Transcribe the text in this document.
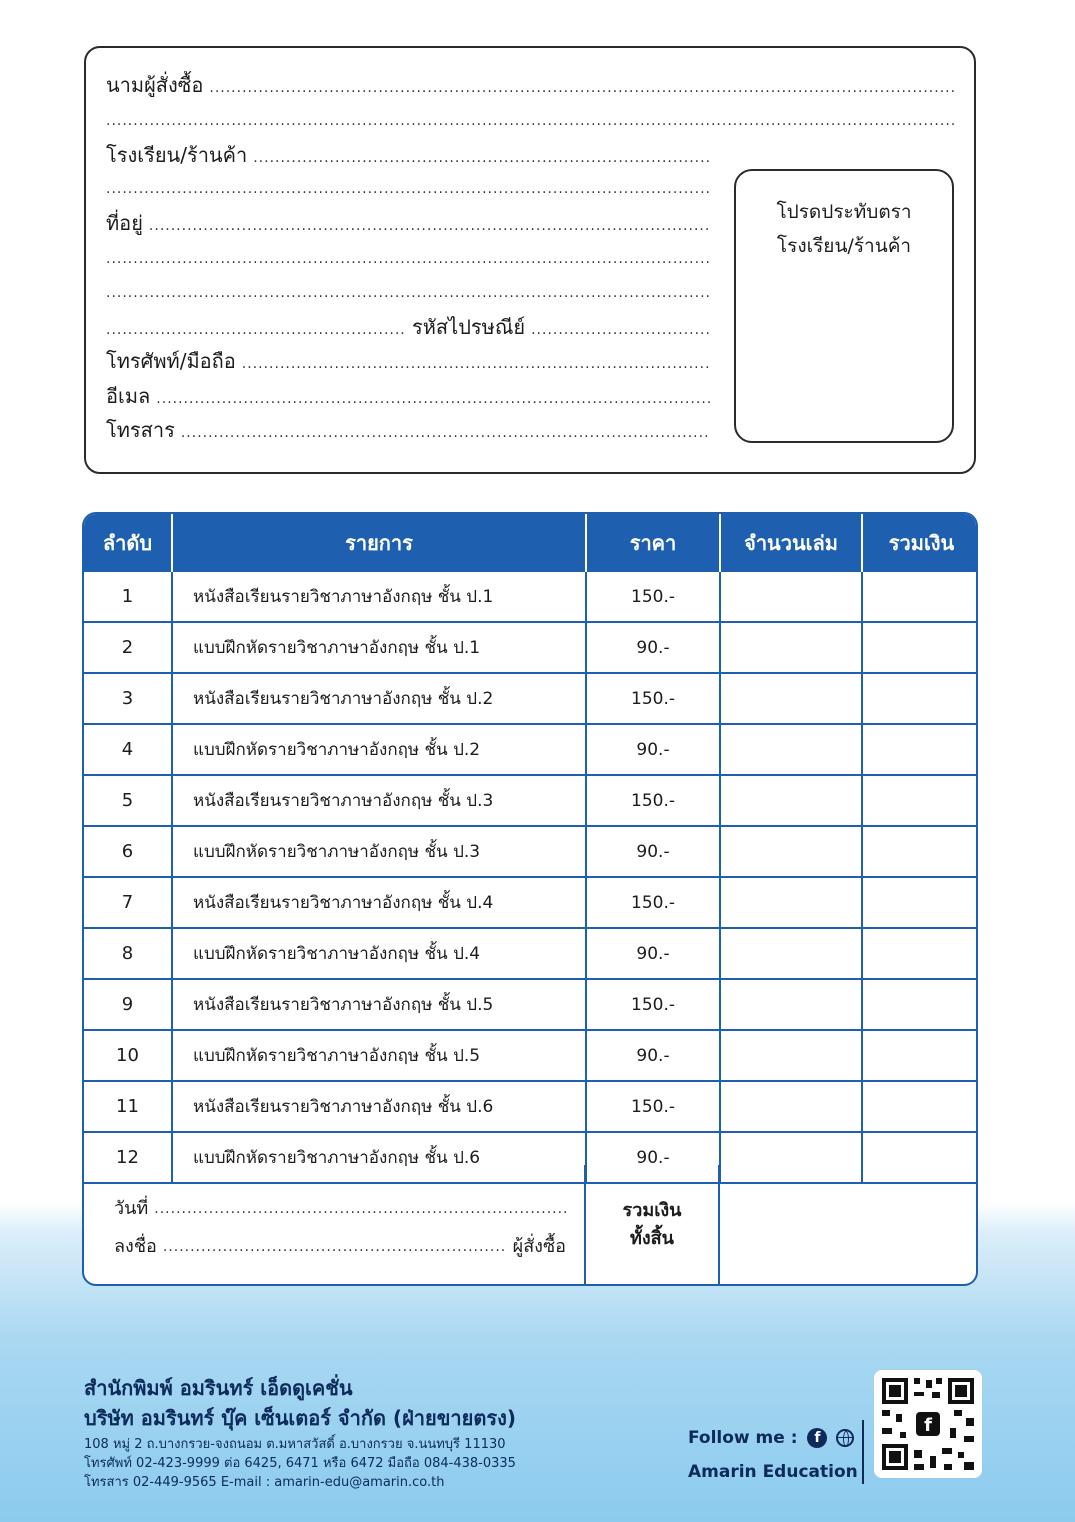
นามผู้สั่งซื้อ
.....
.....
โรงเรียน/ร้านค้า
.....
.....
ที่อยู่
.....
.....
.....
.....
รหัสไปรษณีย์
.....
โทรศัพท์/มือถือ
.....
อีเมล
.....
โทรสาร
.....
โปรดประทับตรา
โรงเรียน/ร้านค้า
ลำดับ	รายการ	ราคา	จำนวนเล่ม	รวมเงิน
1	หนังสือเรียนรายวิชาภาษาอังกฤษ ชั้น ป.1	150.-		
2	แบบฝึกหัดรายวิชาภาษาอังกฤษ ชั้น ป.1	90.-		
3	หนังสือเรียนรายวิชาภาษาอังกฤษ ชั้น ป.2	150.-		
4	แบบฝึกหัดรายวิชาภาษาอังกฤษ ชั้น ป.2	90.-		
5	หนังสือเรียนรายวิชาภาษาอังกฤษ ชั้น ป.3	150.-		
6	แบบฝึกหัดรายวิชาภาษาอังกฤษ ชั้น ป.3	90.-		
7	หนังสือเรียนรายวิชาภาษาอังกฤษ ชั้น ป.4	150.-		
8	แบบฝึกหัดรายวิชาภาษาอังกฤษ ชั้น ป.4	90.-		
9	หนังสือเรียนรายวิชาภาษาอังกฤษ ชั้น ป.5	150.-		
10	แบบฝึกหัดรายวิชาภาษาอังกฤษ ชั้น ป.5	90.-		
11	หนังสือเรียนรายวิชาภาษาอังกฤษ ชั้น ป.6	150.-		
12	แบบฝึกหัดรายวิชาภาษาอังกฤษ ชั้น ป.6	90.-		
วันที่
.....
ลงชื่อ .....	ผู้สั่งซื้อ
รวมเงิน
ทั้งสิ้น
สำนักพิมพ์ อมรินทร์ เอ็ดดูเคชั่น
บริษัท อมรินทร์ บุ๊ค เซ็นเตอร์ จำกัด (ฝ่ายขายตรง)
108 หมู่ 2 ถ.บางกรวย-จงถนอม ต.มหาสวัสดิ์ อ.บางกรวย จ.นนทบุรี 11130
โทรศัพท์ 02-423-9999 ต่อ 6425, 6471 หรือ 6472 มือถือ 084-438-0335
โทรสาร 02-449-9565 E-mail : amarin-edu@amarin.co.th
Follow me : f
Amarin Education
f
